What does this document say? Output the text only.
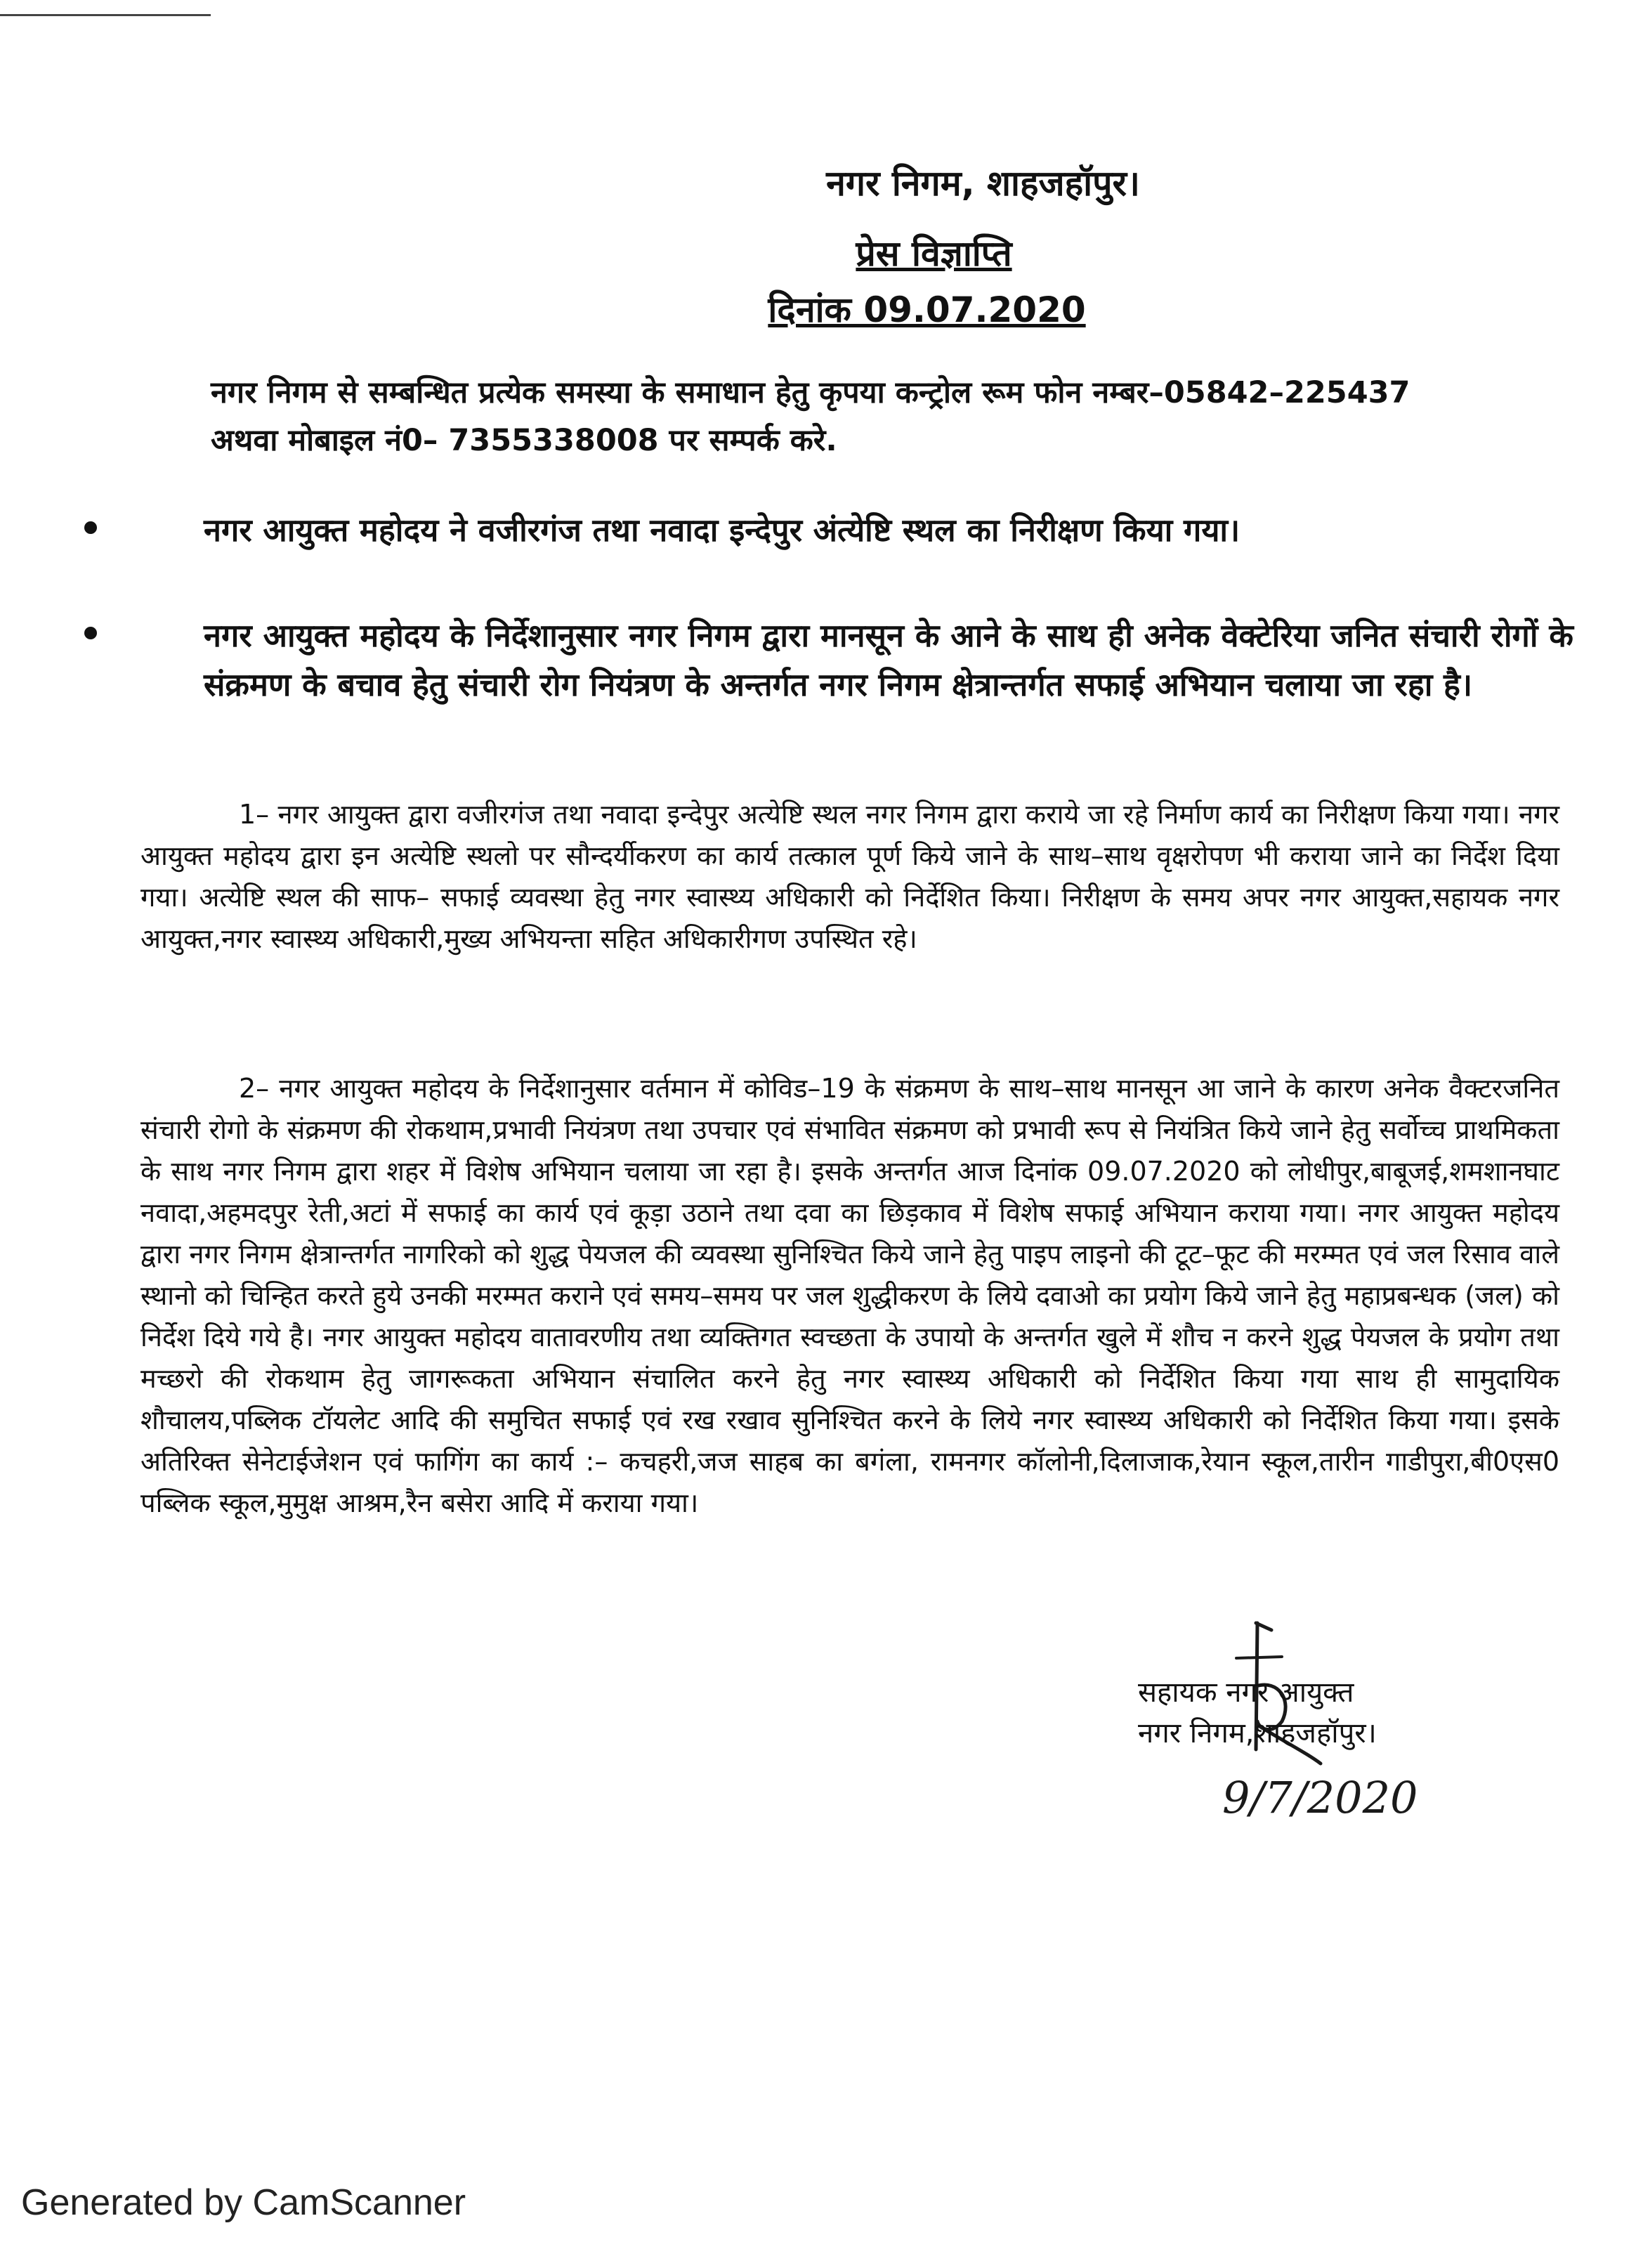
नगर निगम, शाहजहॉपुर।
प्रेस विज्ञाप्ति
दिनांक 09.07.2020
नगर निगम से सम्बन्धित प्रत्येक समस्या के समाधान हेतु कृपया कन्ट्रोल रूम फोन नम्बर–05842–225437 अथवा मोबाइल नं0– 7355338008 पर सम्पर्क करे.
नगर आयुक्त महोदय ने वजीरगंज तथा नवादा इन्देपुर अंत्येष्टि स्थल का निरीक्षण किया गया।
नगर आयुक्त महोदय के निर्देशानुसार नगर निगम द्वारा मानसून के आने के साथ ही अनेक वेक्टेरिया जनित संचारी रोगों के संक्रमण के बचाव हेतु संचारी रोग नियंत्रण के अन्तर्गत नगर निगम क्षेत्रान्तर्गत सफाई अभियान चलाया जा रहा है।
1– नगर आयुक्त द्वारा वजीरगंज तथा नवादा इन्देपुर अत्येष्टि स्थल नगर निगम द्वारा कराये जा रहे निर्माण कार्य का निरीक्षण किया गया। नगर आयुक्त महोदय द्वारा इन अत्येष्टि स्थलो पर सौन्दर्यीकरण का कार्य तत्काल पूर्ण किये जाने के साथ–साथ वृक्षरोपण भी कराया जाने का निर्देश दिया गया। अत्येष्टि स्थल की साफ– सफाई व्यवस्था हेतु नगर स्वास्थ्य अधिकारी को निर्देशित किया। निरीक्षण के समय अपर नगर आयुक्त,सहायक नगर आयुक्त,नगर स्वास्थ्य अधिकारी,मुख्य अभियन्ता सहित अधिकारीगण उपस्थित रहे।
2– नगर आयुक्त महोदय के निर्देशानुसार वर्तमान में कोविड–19 के संक्रमण के साथ–साथ मानसून आ जाने के कारण अनेक वैक्टरजनित संचारी रोगो के संक्रमण की रोकथाम,प्रभावी नियंत्रण तथा उपचार एवं संभावित संक्रमण को प्रभावी रूप से नियंत्रित किये जाने हेतु सर्वोच्च प्राथमिकता के साथ नगर निगम द्वारा शहर में विशेष अभियान चलाया जा रहा है। इसके अन्तर्गत आज दिनांक 09.07.2020 को लोधीपुर,बाबूजई,शमशानघाट नवादा,अहमदपुर रेती,अटां में सफाई का कार्य एवं कूड़ा उठाने तथा दवा का छिड़काव में विशेष सफाई अभियान कराया गया। नगर आयुक्त महोदय द्वारा नगर निगम क्षेत्रान्तर्गत नागरिको को शुद्ध पेयजल की व्यवस्था सुनिश्चित किये जाने हेतु पाइप लाइनो की टूट–फूट की मरम्मत एवं जल रिसाव वाले स्थानो को चिन्हित करते हुये उनकी मरम्मत कराने एवं समय–समय पर जल शुद्धीकरण के लिये दवाओ का प्रयोग किये जाने हेतु महाप्रबन्धक (जल) को निर्देश दिये गये है। नगर आयुक्त महोदय वातावरणीय तथा व्यक्तिगत स्वच्छता के उपायो के अन्तर्गत खुले में शौच न करने शुद्ध पेयजल के प्रयोग तथा मच्छरो की रोकथाम हेतु जागरूकता अभियान संचालित करने हेतु नगर स्वास्थ्य अधिकारी को निर्देशित किया गया साथ ही सामुदायिक शौचालय,पब्लिक टॉयलेट आदि की समुचित सफाई एवं रख रखाव सुनिश्चित करने के लिये नगर स्वास्थ्य अधिकारी को निर्देशित किया गया। इसके अतिरिक्त सेनेटाईजेशन एवं फागिंग का कार्य :– कचहरी,जज साहब का बगंला, रामनगर कॉलोनी,दिलाजाक,रेयान स्कूल,तारीन गाडीपुरा,बी0एस0 पब्लिक स्कूल,मुमुक्ष आश्रम,रैन बसेरा आदि में कराया गया।
9/7/2020
सहायक नगर आयुक्त
नगर निगम,शाहजहॉपुर।
Generated by CamScanner
